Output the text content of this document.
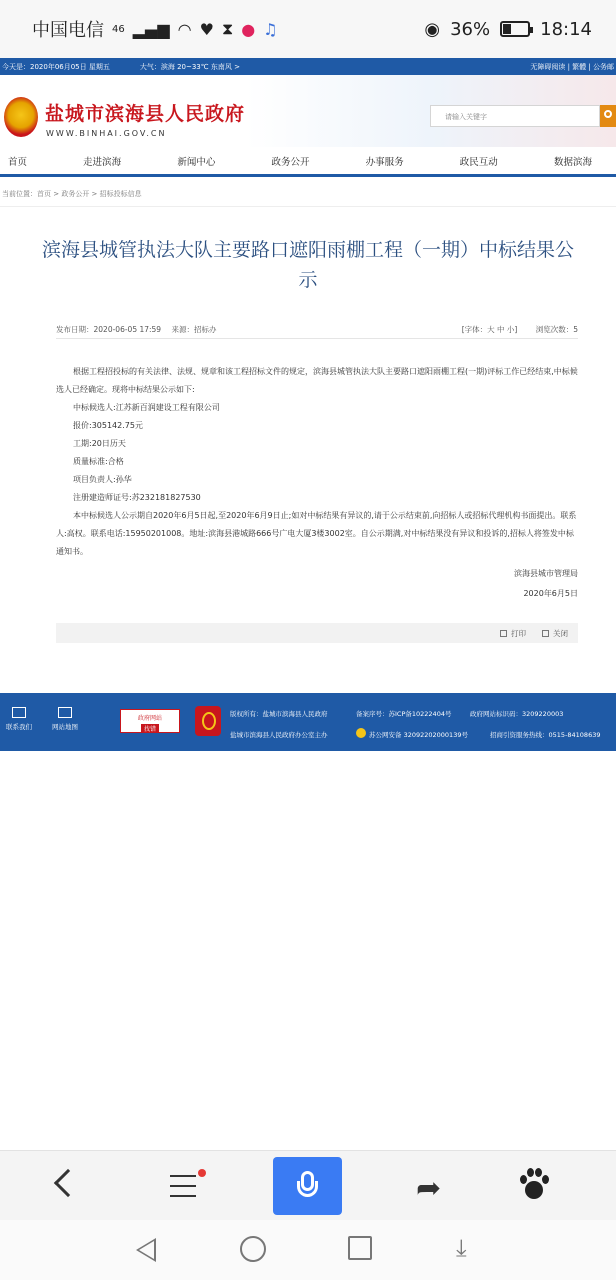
中国电信 46 ▂▄▆ ◠ ♥ ⧗ ● ♫	◉ 36%	18:14
今天是：2020年06月05日 星期五	大气：滨海 20~33℃ 东南风 >	无障碍阅读 | 繁體 | 公务邮
盐城市滨海县人民政府
WWW.BINHAI.GOV.CN
请输入关键字
首页	走进滨海	新闻中心	政务公开	办事服务	政民互动	数据滨海
当前位置：首页 > 政务公开 > 招标投标信息
滨海县城管执法大队主要路口遮阳雨棚工程（一期）中标结果公示
发布日期：2020-06-05 17:59 来源：招标办	[字体：大 中 小] 浏览次数：5

根据工程招投标的有关法律、法规、规章和该工程招标文件的规定，滨海县城管执法大队主要路口遮阳雨棚工程(一期)评标工作已经结束,中标候选人已经确定。现将中标结果公示如下:

中标候选人:江苏新百润建设工程有限公司

报价:305142.75元

工期:20日历天

质量标准:合格

项目负责人:孙华

注册建造师证号:苏232181827530

本中标候选人公示期自2020年6月5日起,至2020年6月9日止;如对中标结果有异议的,请于公示结束前,向招标人或招标代理机构书面提出。联系人:高权。联系电话:15950201008。地址:滨海县港城路666号广电大厦3楼3002室。自公示期满,对中标结果没有异议和投诉的,招标人将签发中标通知书。

滨海县城市管理局

2020年6月5日

打印	关闭
联系我们	网站地图
政府网站
找错
版权所有：盐城市滨海县人民政府	备案序号：苏ICP备10222404号	政府网站标识码：3209220003
盐城市滨海县人民政府办公室主办	苏公网安备 32092202000139号	招商引资服务热线：0515-84108639
➦
⤓
